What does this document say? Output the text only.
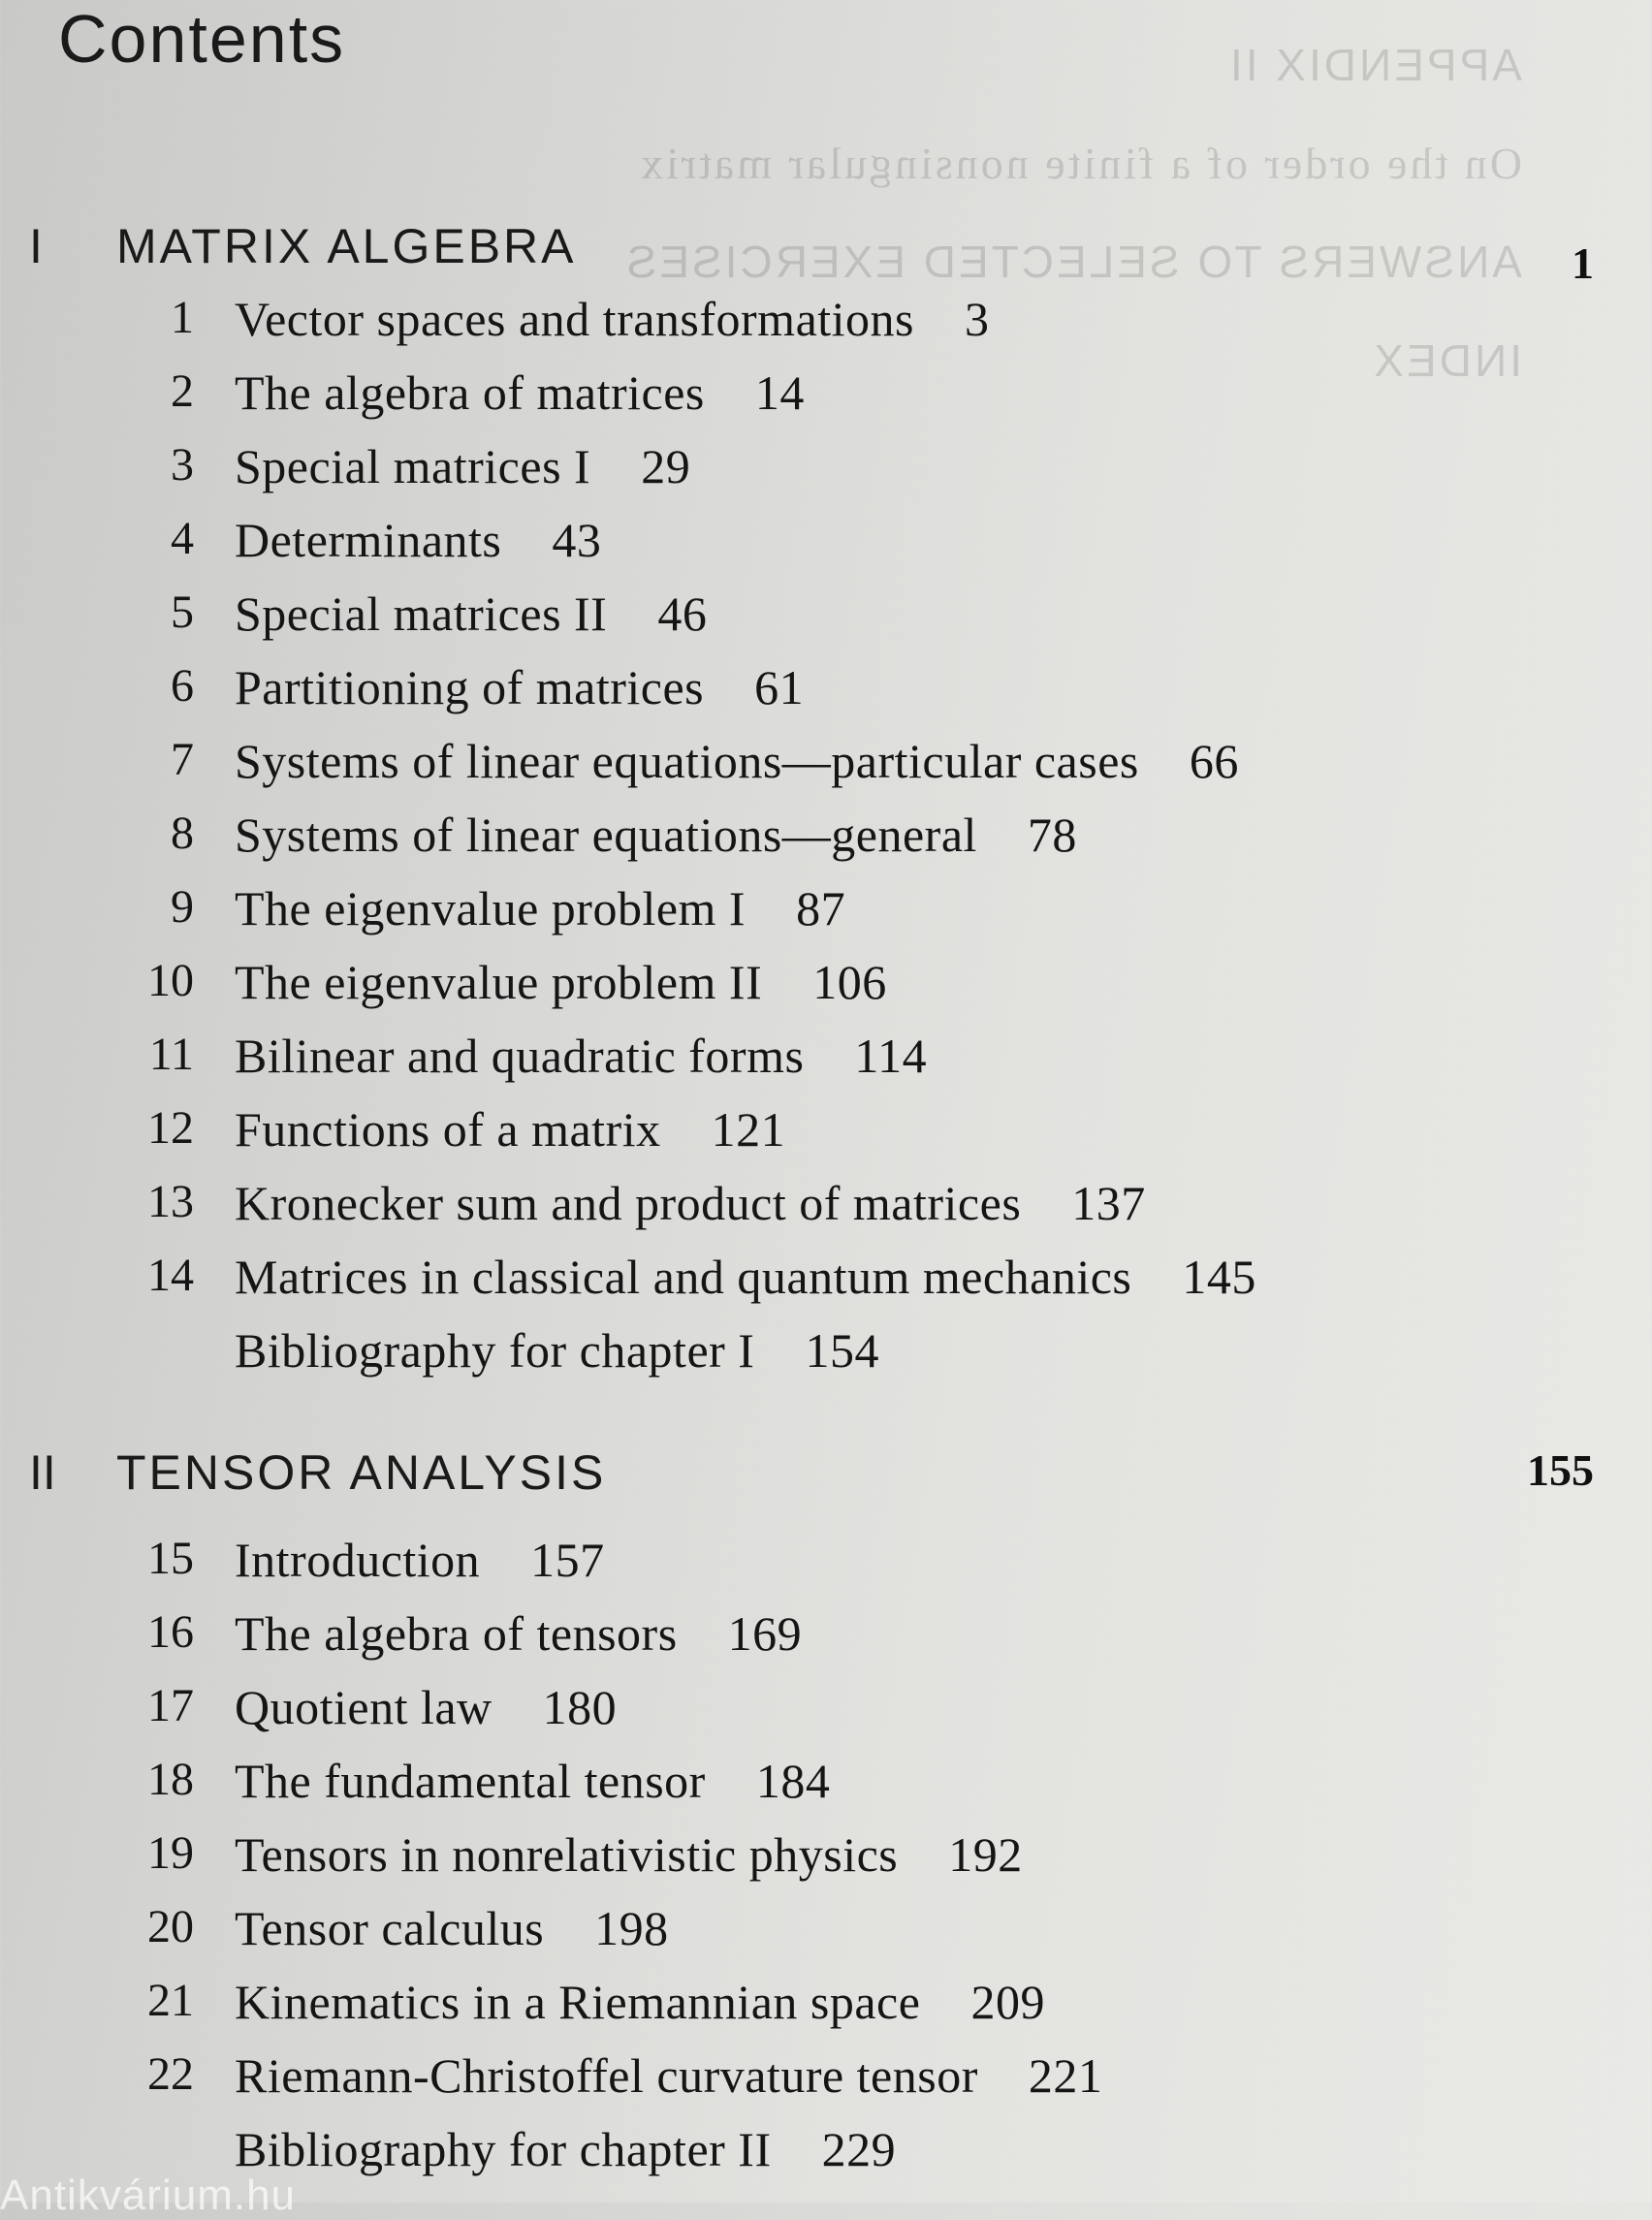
APPENDIX II
On the order of a finite nonsingular matrix
ANSWERS TO SELECTED EXERCISES
INDEX
Contents
I MATRIX ALGEBRA	1
1 Vector spaces and transformations 3
2 The algebra of matrices 14
3 Special matrices I 29
4 Determinants 43
5 Special matrices II 46
6 Partitioning of matrices 61
7 Systems of linear equations—particular cases 66
8 Systems of linear equations—general 78
9 The eigenvalue problem I 87
10 The eigenvalue problem II 106
11 Bilinear and quadratic forms 114
12 Functions of a matrix 121
13 Kronecker sum and product of matrices 137
14 Matrices in classical and quantum mechanics 145
Bibliography for chapter I 154
II TENSOR ANALYSIS	155
15 Introduction 157
16 The algebra of tensors 169
17 Quotient law 180
18 The fundamental tensor 184
19 Tensors in nonrelativistic physics 192
20 Tensor calculus 198
21 Kinematics in a Riemannian space 209
22 Riemann-Christoffel curvature tensor 221
Bibliography for chapter II 229
Antikvárium.hu
